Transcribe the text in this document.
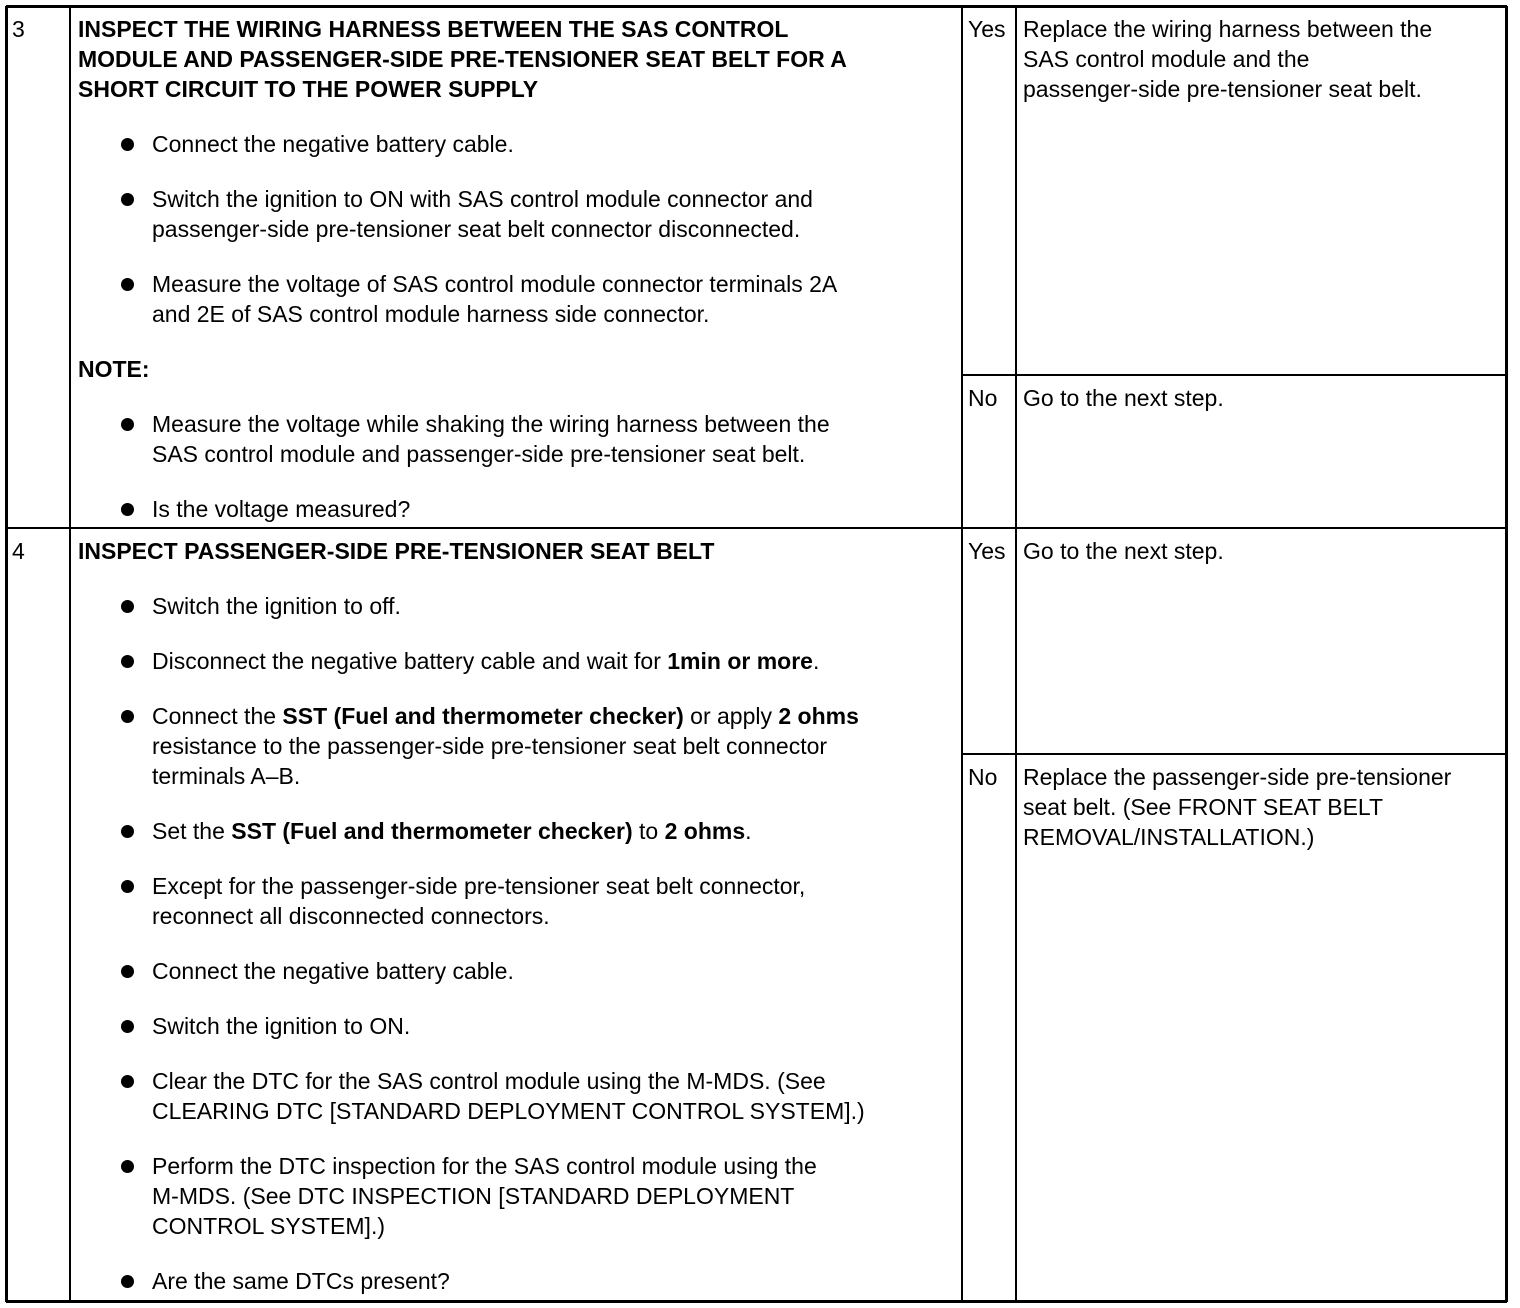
3 INSPECT THE WIRING HARNESS BETWEEN THE SAS CONTROL
MODULE AND PASSENGER-SIDE PRE-TENSIONER SEAT BELT FOR A
SHORT CIRCUIT TO THE POWER SUPPLY
Connect the negative battery cable.
Switch the ignition to ON with SAS control module connector and
passenger-side pre-tensioner seat belt connector disconnected.
Measure the voltage of SAS control module connector terminals 2A
and 2E of SAS control module harness side connector.
NOTE:
Measure the voltage while shaking the wiring harness between the
SAS control module and passenger-side pre-tensioner seat belt.
Is the voltage measured?
Yes Replace the wiring harness between the
SAS control module and the
passenger-side pre-tensioner seat belt.
No Go to the next step.
4 INSPECT PASSENGER-SIDE PRE-TENSIONER SEAT BELT
Switch the ignition to off.
Disconnect the negative battery cable and wait for 1min or more.
Connect the SST (Fuel and thermometer checker) or apply 2 ohms
resistance to the passenger-side pre-tensioner seat belt connector
terminals A–B.
Set the SST (Fuel and thermometer checker) to 2 ohms.
Except for the passenger-side pre-tensioner seat belt connector,
reconnect all disconnected connectors.
Connect the negative battery cable.
Switch the ignition to ON.
Clear the DTC for the SAS control module using the M-MDS. (See
CLEARING DTC [STANDARD DEPLOYMENT CONTROL SYSTEM].)
Perform the DTC inspection for the SAS control module using the
M-MDS. (See DTC INSPECTION [STANDARD DEPLOYMENT
CONTROL SYSTEM].)
Are the same DTCs present?
Yes Go to the next step.
No Replace the passenger-side pre-tensioner
seat belt. (See FRONT SEAT BELT
REMOVAL/INSTALLATION.)
